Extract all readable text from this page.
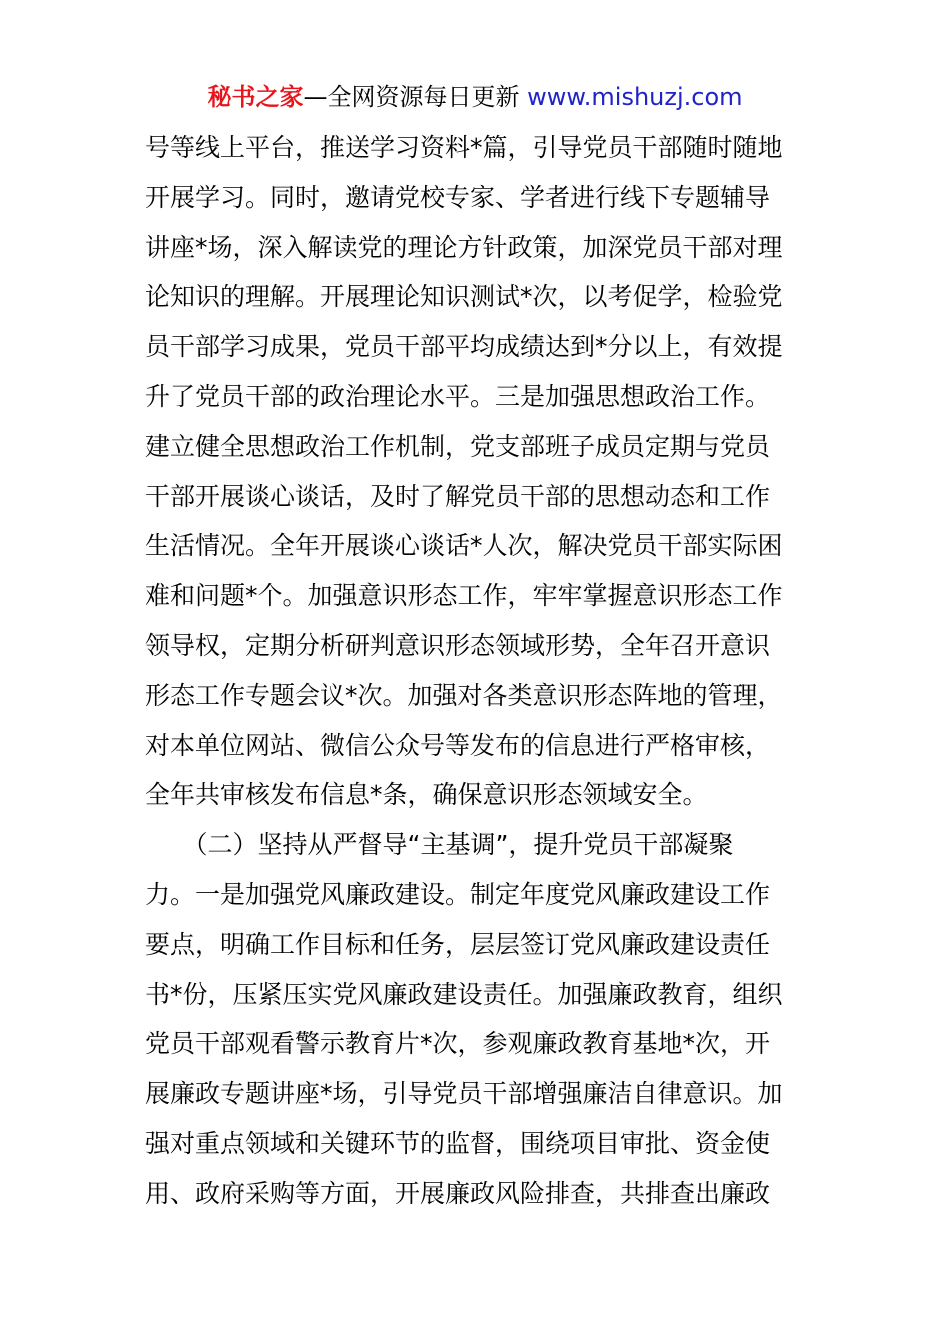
秘书之家—全网资源每日更新 www.mishuzj.com
号等线上平台，推送学习资料*篇，引导党员干部随时随地
开展学习。同时，邀请党校专家、学者进行线下专题辅导
讲座*场，深入解读党的理论方针政策，加深党员干部对理
论知识的理解。开展理论知识测试*次，以考促学，检验党
员干部学习成果，党员干部平均成绩达到*分以上，有效提
升了党员干部的政治理论水平。三是加强思想政治工作。
建立健全思想政治工作机制，党支部班子成员定期与党员
干部开展谈心谈话，及时了解党员干部的思想动态和工作
生活情况。全年开展谈心谈话*人次，解决党员干部实际困
难和问题*个。加强意识形态工作，牢牢掌握意识形态工作
领导权，定期分析研判意识形态领域形势，全年召开意识
形态工作专题会议*次。加强对各类意识形态阵地的管理，
对本单位网站、微信公众号等发布的信息进行严格审核，
全年共审核发布信息*条，确保意识形态领域安全。
　　（二）坚持从严督导“主基调”，提升党员干部凝聚
力。一是加强党风廉政建设。制定年度党风廉政建设工作
要点，明确工作目标和任务，层层签订党风廉政建设责任
书*份，压紧压实党风廉政建设责任。加强廉政教育，组织
党员干部观看警示教育片*次，参观廉政教育基地*次，开
展廉政专题讲座*场，引导党员干部增强廉洁自律意识。加
强对重点领域和关键环节的监督，围绕项目审批、资金使
用、政府采购等方面，开展廉政风险排查，共排查出廉政
